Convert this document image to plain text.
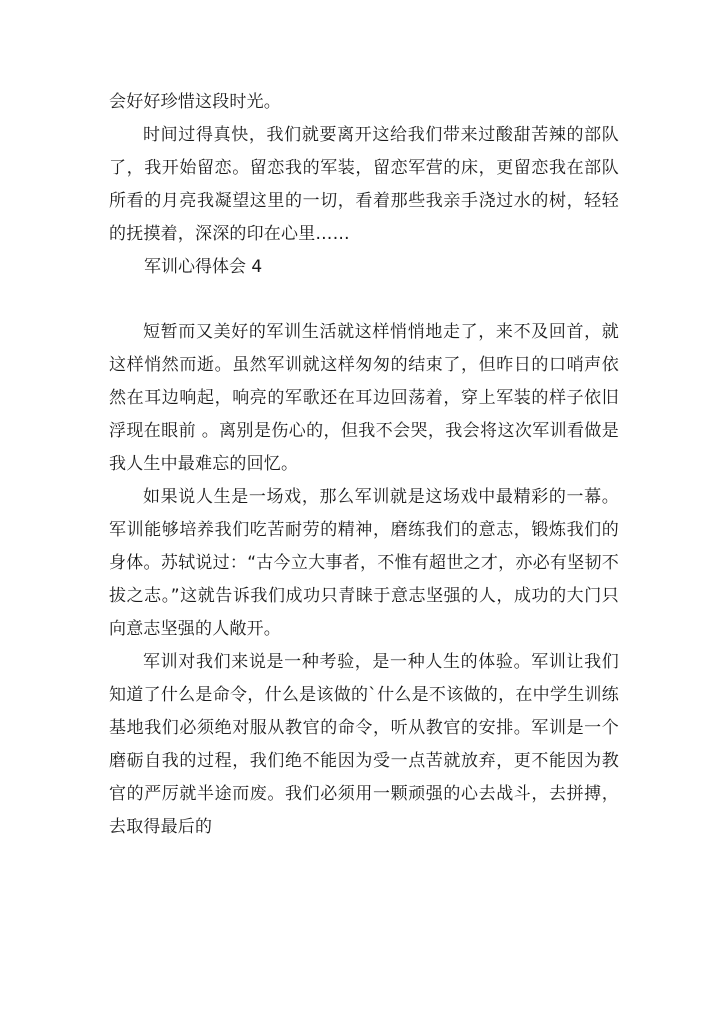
会好好珍惜这段时光。

时间过得真快，我们就要离开这给我们带来过酸甜苦辣的部队了，我开始留恋。留恋我的军装，留恋军营的床，更留恋我在部队所看的月亮我凝望这里的一切，看着那些我亲手浇过水的树，轻轻的抚摸着，深深的印在心里……

军训心得体会 4

短暂而又美好的军训生活就这样悄悄地走了，来不及回首，就这样悄然而逝。虽然军训就这样匆匆的结束了，但昨日的口哨声依然在耳边响起，响亮的军歌还在耳边回荡着，穿上军装的样子依旧浮现在眼前 。离别是伤心的，但我不会哭，我会将这次军训看做是我人生中最难忘的回忆。

如果说人生是一场戏，那么军训就是这场戏中最精彩的一幕。军训能够培养我们吃苦耐劳的精神，磨练我们的意志，锻炼我们的身体。苏轼说过：“古今立大事者，不惟有超世之才，亦必有坚韧不拔之志。”这就告诉我们成功只青睐于意志坚强的人，成功的大门只向意志坚强的人敞开。

军训对我们来说是一种考验，是一种人生的体验。军训让我们知道了什么是命令，什么是该做的`什么是不该做的，在中学生训练基地我们必须绝对服从教官的命令，听从教官的安排。军训是一个磨砺自我的过程，我们绝不能因为受一点苦就放弃，更不能因为教官的严厉就半途而废。我们必须用一颗顽强的心去战斗，去拼搏，去取得最后的
